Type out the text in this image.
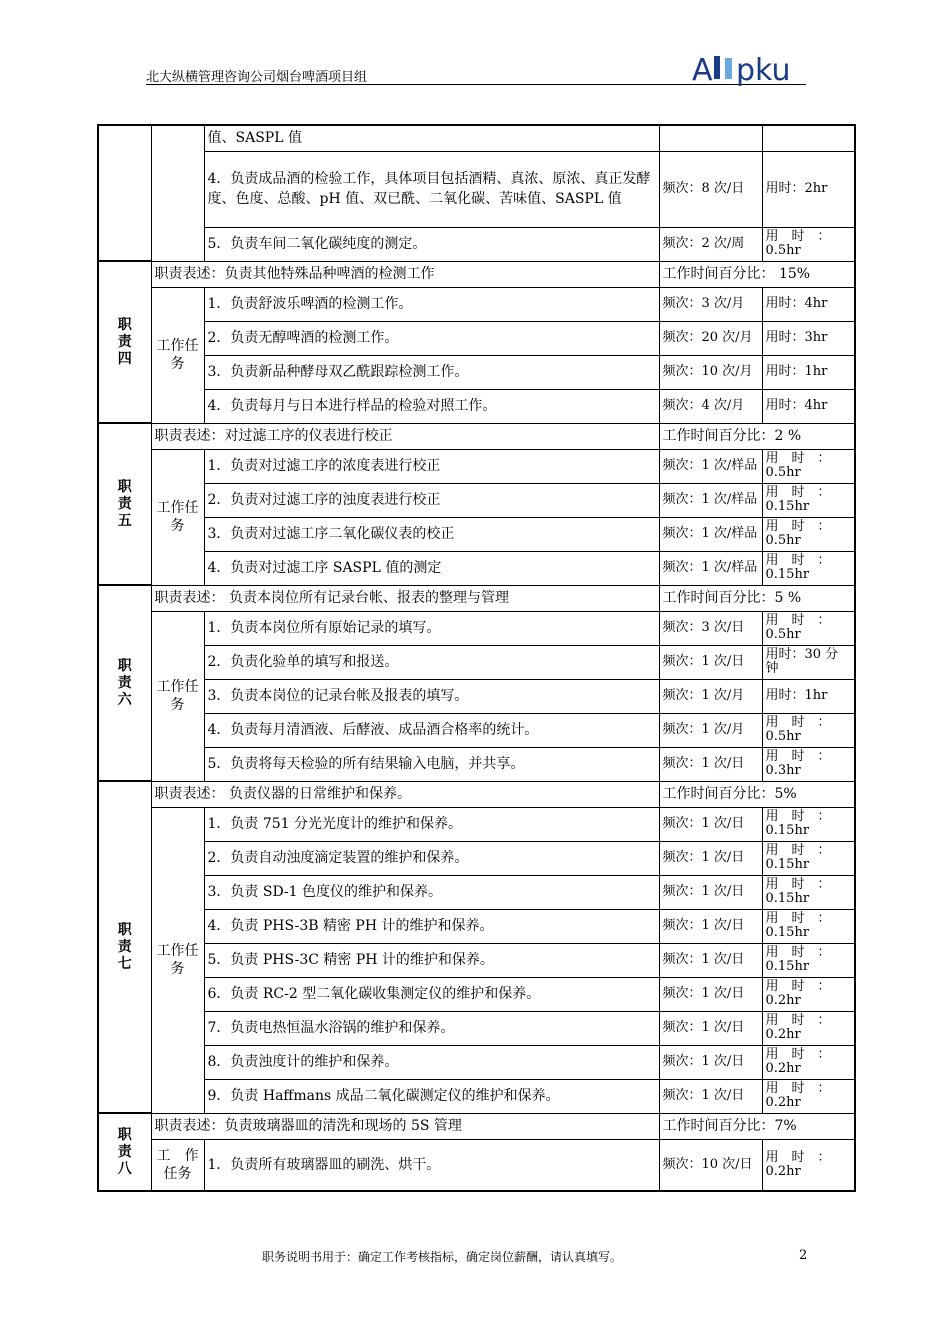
北大纵横管理咨询公司烟台啤酒项目组	A pku
		值、SASPL 值		
		4．负责成品酒的检验工作，具体项目包括酒精、真浓、原浓、真正发酵度、色度、总酸、pH 值、双已酰、二氧化碳、苦味值、SASPL 值	频次：8 次/日	用时：2hr
		5．负责车间二氧化碳纯度的测定。	频次：2 次/周	用　时　：0.5hr
职
责
四	职责表述：负责其他特殊品种啤酒的检测工作		工作时间百分比： 15%	
	工作任务	1．负责舒波乐啤酒的检测工作。	频次：3 次/月	用时：4hr
		2．负责无醇啤酒的检测工作。	频次：20 次/月	用时：3hr
		3．负责新品种酵母双乙酰跟踪检测工作。	频次：10 次/月	用时：1hr
		4．负责每月与日本进行样品的检验对照工作。	频次：4 次/月	用时：4hr
职
责
五	职责表述：对过滤工序的仪表进行校正		工作时间百分比：2 %	
	工作任务	1．负责对过滤工序的浓度表进行校正	频次：1 次/样品	用　时　：0.5hr
		2．负责对过滤工序的浊度表进行校正	频次：1 次/样品	用　时　：0.15hr
		3．负责对过滤工序二氧化碳仪表的校正	频次：1 次/样品	用　时　：0.5hr
		4．负责对过滤工序 SASPL 值的测定	频次：1 次/样品	用　时　：0.15hr
职
责
六	职责表述： 负责本岗位所有记录台帐、报表的整理与管理		工作时间百分比：5 %	
	工作任务	1．负责本岗位所有原始记录的填写。	频次：3 次/日	用　时　：0.5hr
		2．负责化验单的填写和报送。	频次：1 次/日	用时：30 分钟
		3．负责本岗位的记录台帐及报表的填写。	频次：1 次/月	用时：1hr
		4．负责每月清酒液、后酵液、成品酒合格率的统计。	频次：1 次/月	用　时　：0.5hr
		5．负责将每天检验的所有结果输入电脑，并共享。	频次：1 次/日	用　时　：0.3hr
职
责
七	职责表述： 负责仪器的日常维护和保养。		工作时间百分比：5%	
	工作任务	1．负责 751 分光光度计的维护和保养。	频次：1 次/日	用　时　：0.15hr
		2．负责自动浊度滴定装置的维护和保养。	频次：1 次/日	用　时　：0.15hr
		3．负责 SD-1 色度仪的维护和保养。	频次：1 次/日	用　时　：0.15hr
		4．负责 PHS-3B 精密 PH 计的维护和保养。	频次：1 次/日	用　时　：0.15hr
		5．负责 PHS-3C 精密 PH 计的维护和保养。	频次：1 次/日	用　时　：0.15hr
		6．负责 RC-2 型二氧化碳收集测定仪的维护和保养。	频次：1 次/日	用　时　：0.2hr
		7．负责电热恒温水浴锅的维护和保养。	频次：1 次/日	用　时　：0.2hr
		8．负责浊度计的维护和保养。	频次：1 次/日	用　时　：0.2hr
		9．负责 Haffmans 成品二氧化碳测定仪的维护和保养。	频次：1 次/日	用　时　：0.2hr
职
责
八	职责表述：负责玻璃器皿的清洗和现场的 5S 管理		工作时间百分比：7%	
	工　作任务	1．负责所有玻璃器皿的刷洗、烘干。	频次：10 次/日	用　时　：0.2hr
职务说明书用于：确定工作考核指标，确定岗位薪酬，请认真填写。	2
